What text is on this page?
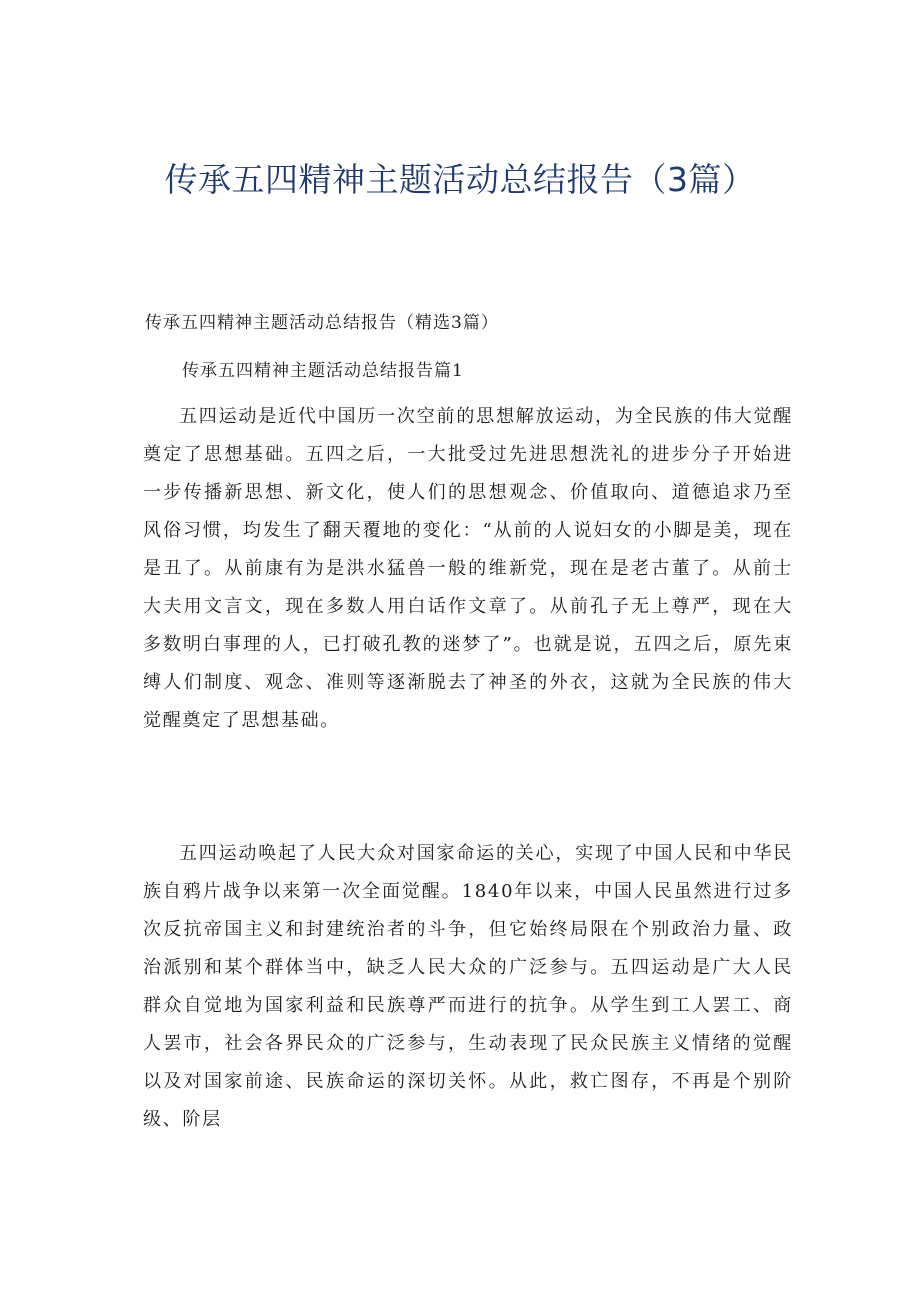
传承五四精神主题活动总结报告（3篇）
传承五四精神主题活动总结报告（精选3篇）
传承五四精神主题活动总结报告篇1

五四运动是近代中国历一次空前的思想解放运动，为全民族的伟大觉醒奠定了思想基础。五四之后，一大批受过先进思想洗礼的进步分子开始进一步传播新思想、新文化，使人们的思想观念、价值取向、道德追求乃至风俗习惯，均发生了翻天覆地的变化：“从前的人说妇女的小脚是美，现在是丑了。从前康有为是洪水猛兽一般的维新党，现在是老古董了。从前士大夫用文言文，现在多数人用白话作文章了。从前孔子无上尊严，现在大多数明白事理的人，已打破孔教的迷梦了”。也就是说，五四之后，原先束缚人们制度、观念、准则等逐渐脱去了神圣的外衣，这就为全民族的伟大觉醒奠定了思想基础。

五四运动唤起了人民大众对国家命运的关心，实现了中国人民和中华民族自鸦片战争以来第一次全面觉醒。1840年以来，中国人民虽然进行过多次反抗帝国主义和封建统治者的斗争，但它始终局限在个别政治力量、政治派别和某个群体当中，缺乏人民大众的广泛参与。五四运动是广大人民群众自觉地为国家利益和民族尊严而进行的抗争。从学生到工人罢工、商人罢市，社会各界民众的广泛参与，生动表现了民众民族主义情绪的觉醒以及对国家前途、民族命运的深切关怀。从此，救亡图存，不再是个别阶级、阶层
